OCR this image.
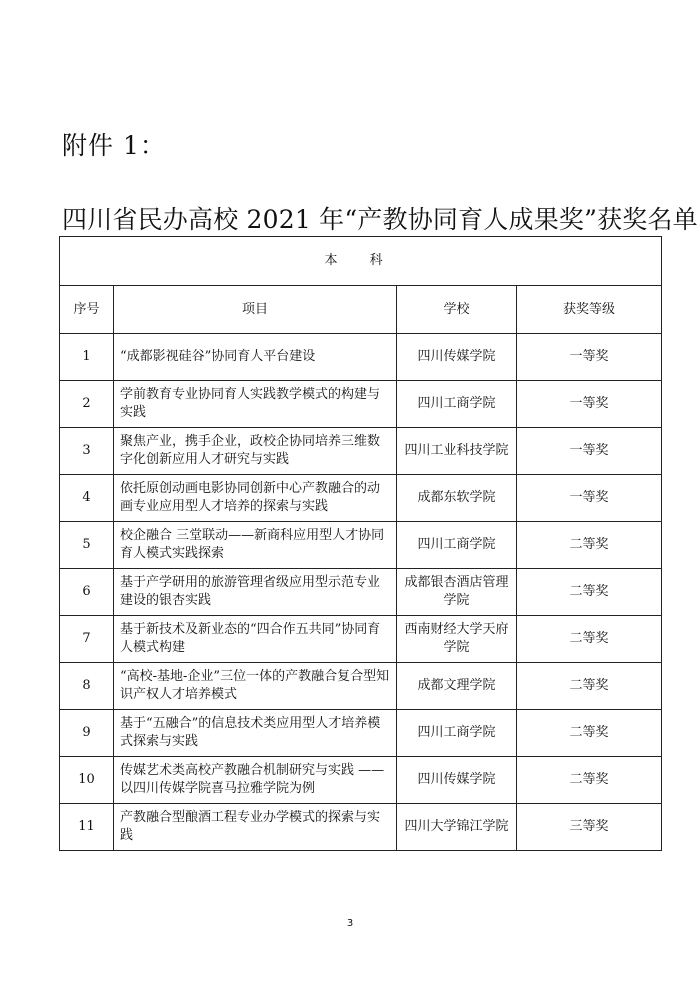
附件 1：
四川省民办高校 2021 年“产教协同育人成果奖”获奖名单
本 科			
序号	项目	学校	获奖等级
1	“成都影视硅谷”协同育人平台建设	四川传媒学院	一等奖
2	学前教育专业协同育人实践教学模式的构建与实践	四川工商学院	一等奖
3	聚焦产业，携手企业，政校企协同培养三维数字化创新应用人才研究与实践	四川工业科技学院	一等奖
4	依托原创动画电影协同创新中心产教融合的动画专业应用型人才培养的探索与实践	成都东软学院	一等奖
5	校企融合 三堂联动——新商科应用型人才协同育人模式实践探索	四川工商学院	二等奖
6	基于产学研用的旅游管理省级应用型示范专业建设的银杏实践	成都银杏酒店管理学院	二等奖
7	基于新技术及新业态的“四合作五共同”协同育人模式构建	西南财经大学天府学院	二等奖
8	“高校-基地-企业”三位一体的产教融合复合型知识产权人才培养模式	成都文理学院	二等奖
9	基于“五融合”的信息技术类应用型人才培养模式探索与实践	四川工商学院	二等奖
10	传媒艺术类高校产教融合机制研究与实践 ——以四川传媒学院喜马拉雅学院为例	四川传媒学院	二等奖
11	产教融合型酿酒工程专业办学模式的探索与实践	四川大学锦江学院	三等奖
3
